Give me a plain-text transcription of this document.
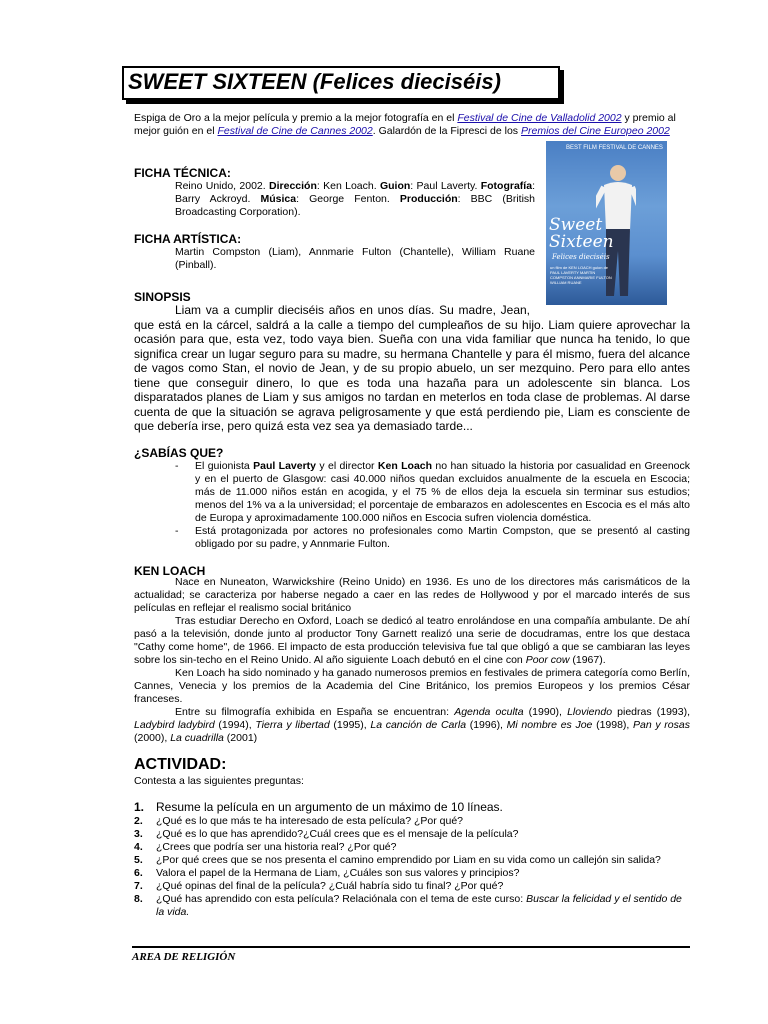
SWEET SIXTEEN (Felices dieciséis)
Espiga de Oro a la mejor película y premio a la mejor fotografía en el Festival de Cine de Valladolid 2002 y premio al mejor guión en el Festival de Cine de Cannes 2002. Galardón de la Fipresci de los Premios del Cine Europeo 2002
BEST FILM FESTIVAL DE CANNES
Sweet
Sixteen
Felices dieciséis
un film de KEN LOACH guion de PAUL LAVERTY MARTIN COMPSTON ANNMARIE FULTON WILLIAM RUANE
FICHA TÉCNICA:
Reino Unido, 2002. Dirección: Ken Loach. Guion: Paul Laverty. Fotografía: Barry Ackroyd. Música: George Fenton. Producción: BBC (British Broadcasting Corporation).
FICHA ARTÍSTICA:
Martin Compston (Liam), Annmarie Fulton (Chantelle), William Ruane (Pinball).
SINOPSIS
Liam va a cumplir dieciséis años en unos días. Su madre, Jean, que está en la cárcel, saldrá a la calle a tiempo del cumpleaños de su hijo. Liam quiere aprovechar la ocasión para que, esta vez, todo vaya bien. Sueña con una vida familiar que nunca ha tenido, lo que significa crear un lugar seguro para su madre, su hermana Chantelle y para él mismo, fuera del alcance de vagos como Stan, el novio de Jean, y de su propio abuelo, un ser mezquino. Pero para ello antes tiene que conseguir dinero, lo que es toda una hazaña para un adolescente sin blanca. Los disparatados planes de Liam y sus amigos no tardan en meterlos en toda clase de problemas. Al darse cuenta de que la situación se agrava peligrosamente y que está perdiendo pie, Liam es consciente de que debería irse, pero quizá esta vez sea ya demasiado tarde...
¿SABÍAS QUE?
- El guionista Paul Laverty y el director Ken Loach no han situado la historia por casualidad en Greenock y en el puerto de Glasgow: casi 40.000 niños quedan excluidos anualmente de la escuela en Escocia; más de 11.000 niños están en acogida, y el 75 % de ellos deja la escuela sin terminar sus estudios; menos del 1% va a la universidad; el porcentaje de embarazos en adolescentes en Escocia es el más alto de Europa y aproximadamente 100.000 niños en Escocia sufren violencia doméstica.
- Está protagonizada por actores no profesionales como Martin Compston, que se presentó al casting obligado por su padre, y Annmarie Fulton.
KEN LOACH
Nace en Nuneaton, Warwickshire (Reino Unido) en 1936. Es uno de los directores más carismáticos de la actualidad; se caracteriza por haberse negado a caer en las redes de Hollywood y por el marcado interés de sus películas en reflejar el realismo social británico
Tras estudiar Derecho en Oxford, Loach se dedicó al teatro enrolándose en una compañía ambulante. De ahí pasó a la televisión, donde junto al productor Tony Garnett realizó una serie de docudramas, entre los que destaca "Cathy come home", de 1966. El impacto de esta producción televisiva fue tal que obligó a que se cambiaran las leyes sobre los sin-techo en el Reino Unido. Al año siguiente Loach debutó en el cine con Poor cow (1967).
Ken Loach ha sido nominado y ha ganado numerosos premios en festivales de primera categoría como Berlín, Cannes, Venecia y los premios de la Academia del Cine Británico, los premios Europeos y los premios César franceses.
Entre su filmografía exhibida en España se encuentran: Agenda oculta (1990), Lloviendo piedras (1993), Ladybird ladybird (1994), Tierra y libertad (1995), La canción de Carla (1996), Mi nombre es Joe (1998), Pan y rosas (2000), La cuadrilla (2001)
ACTIVIDAD:
Contesta a las siguientes preguntas:
1. Resume la película en un argumento de un máximo de 10 líneas.
2. ¿Qué es lo que más te ha interesado de esta película? ¿Por qué?
3. ¿Qué es lo que has aprendido?¿Cuál crees que es el mensaje de la película?
4. ¿Crees que podría ser una historia real? ¿Por qué?
5. ¿Por qué crees que se nos presenta el camino emprendido por Liam en su vida como un callejón sin salida?
6. Valora el papel de la Hermana de Liam, ¿Cuáles son sus valores y principios?
7. ¿Qué opinas del final de la película? ¿Cuál habría sido tu final? ¿Por qué?
8. ¿Qué has aprendido con esta película? Relaciónala con el tema de este curso: Buscar la felicidad y el sentido de la vida.
AREA DE RELIGIÓN
